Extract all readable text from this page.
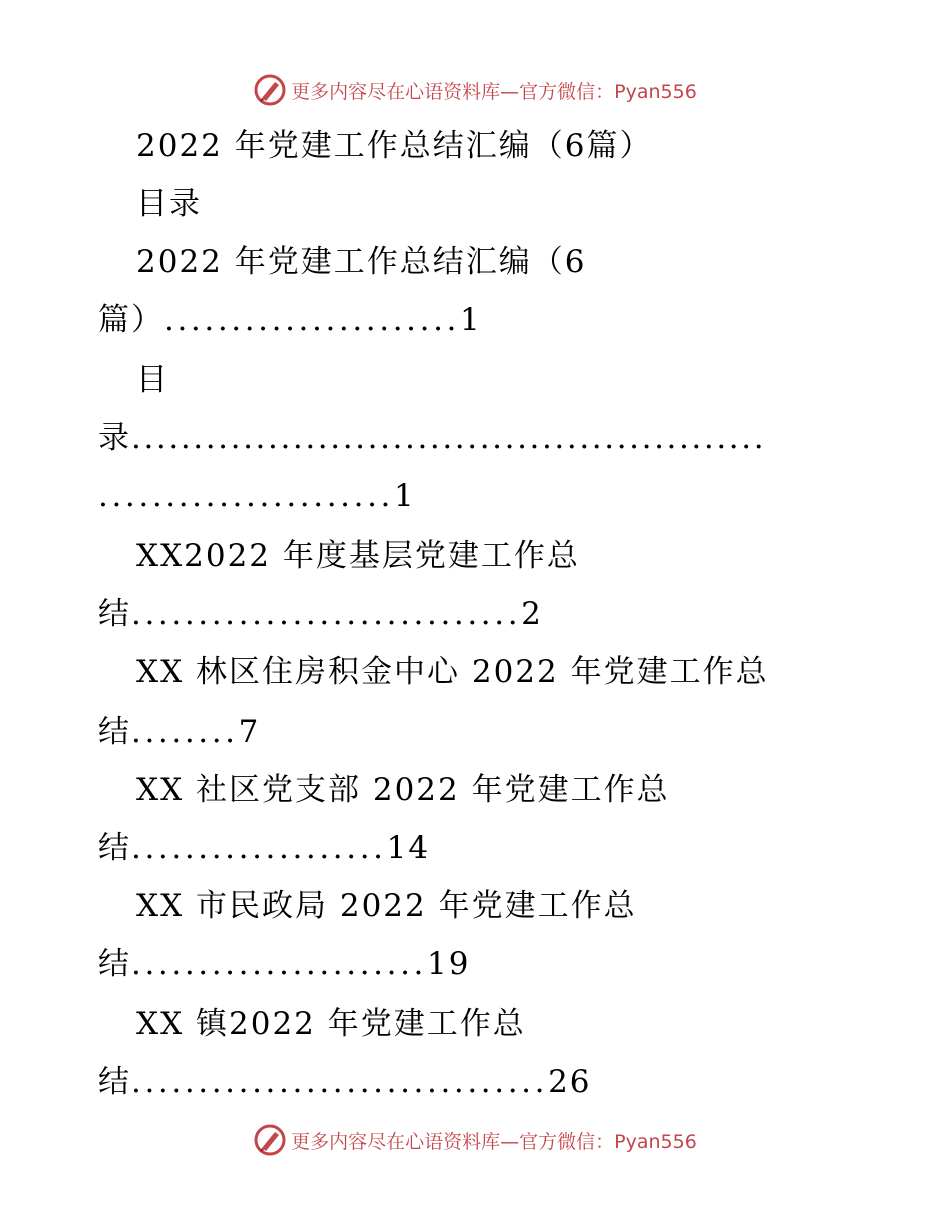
更多内容尽在心语资料库—官方微信：Pyan556
2022 年党建工作总结汇编（6篇）
目录
2022 年党建工作总结汇编（6
篇）......................1
目
录...................................................
......................1
XX2022 年度基层党建工作总
结.............................2
XX 林区住房积金中心 2022 年党建工作总
结........7
XX 社区党支部 2022 年党建工作总
结...................14
XX 市民政局 2022 年党建工作总
结......................19
XX 镇2022 年党建工作总
结...............................26
更多内容尽在心语资料库—官方微信：Pyan556
